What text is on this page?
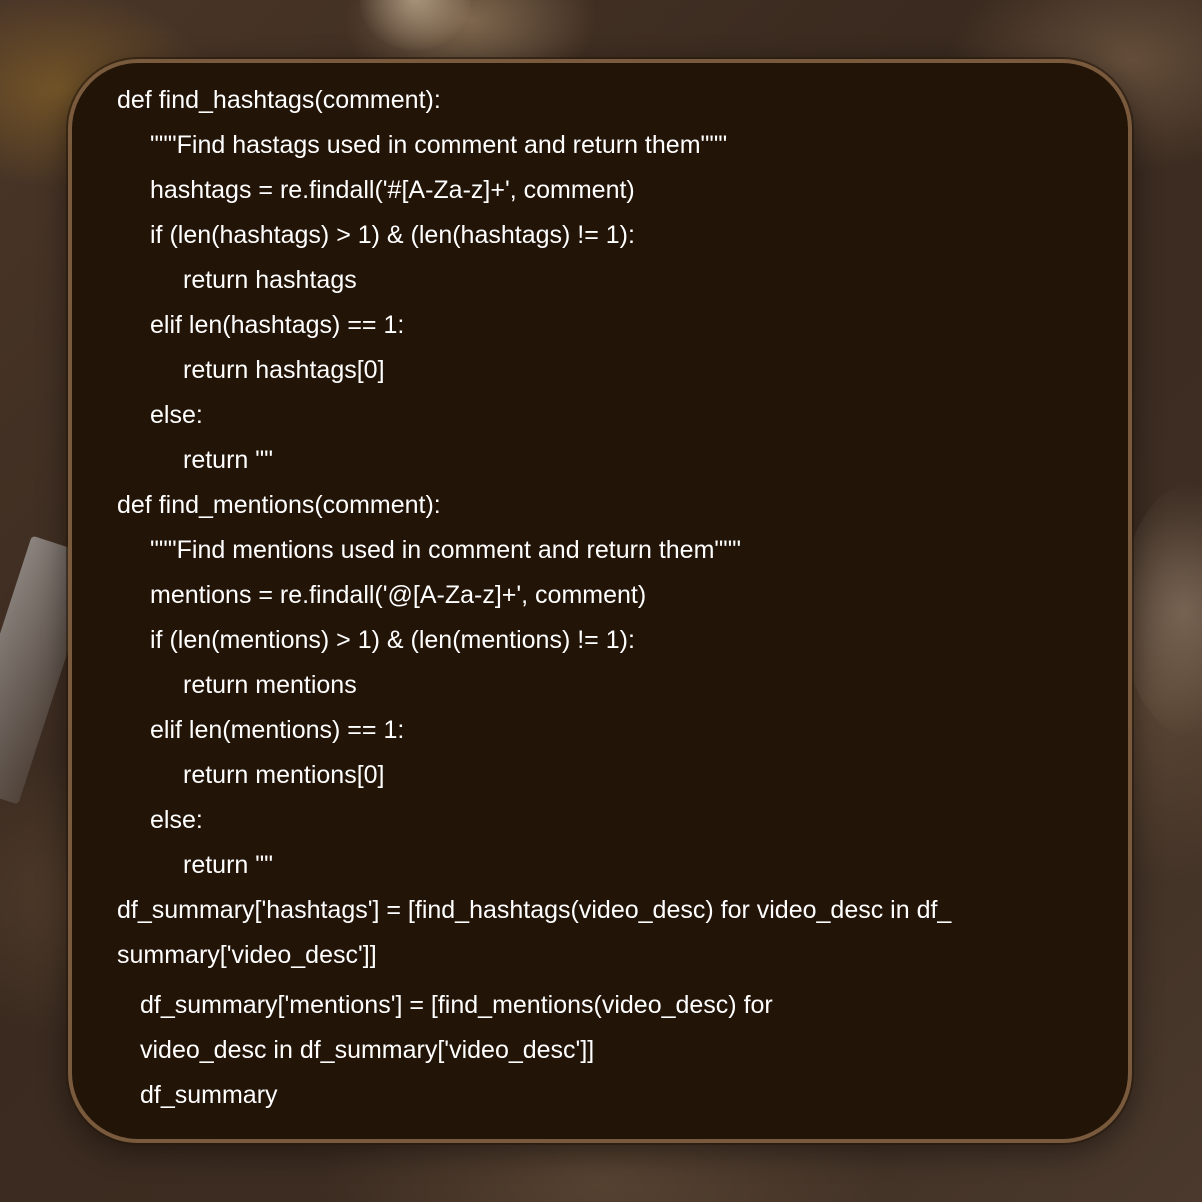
def find_hashtags(comment):

"""Find hastags used in comment and return them"""

hashtags = re.findall('#[A-Za-z]+', comment)

if (len(hashtags) > 1) & (len(hashtags) != 1):

return hashtags

elif len(hashtags) == 1:

return hashtags[0]

else:

return ""

def find_mentions(comment):

"""Find mentions used in comment and return them"""

mentions = re.findall('@[A-Za-z]+', comment)

if (len(mentions) > 1) & (len(mentions) != 1):

return mentions

elif len(mentions) == 1:

return mentions[0]

else:

return ""

df_summary['hashtags'] = [find_hashtags(video_desc) for video_desc in df_

summary['video_desc']]

df_summary['mentions'] = [find_mentions(video_desc) for

video_desc in df_summary['video_desc']]

df_summary
